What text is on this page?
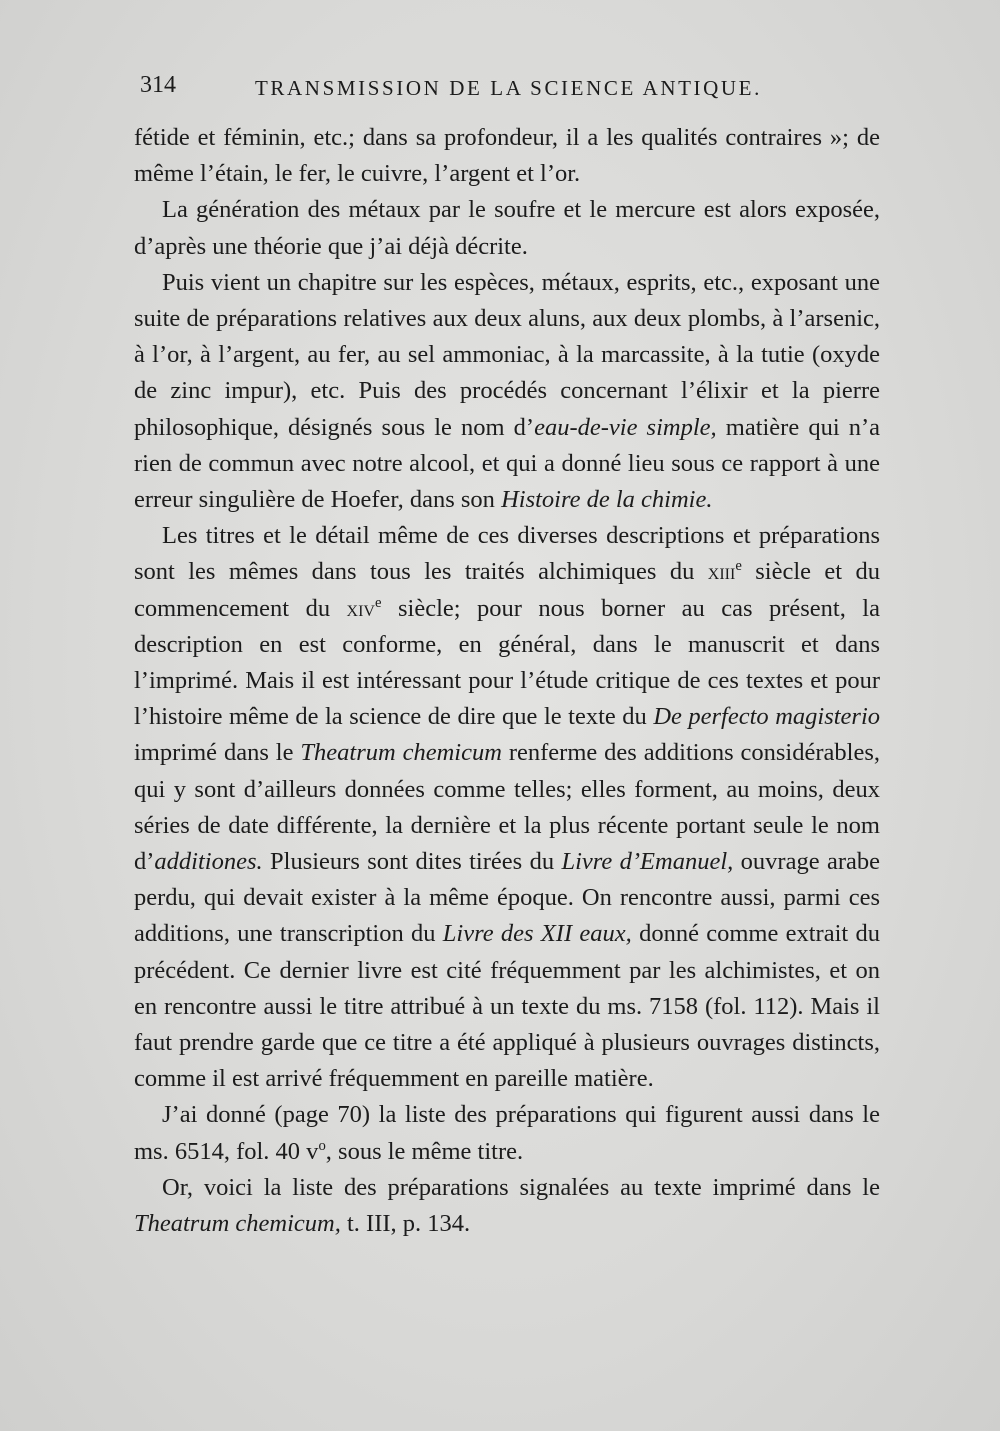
314	TRANSMISSION DE LA SCIENCE ANTIQUE.

fétide et féminin, etc.; dans sa profondeur, il a les qualités contraires »; de même l’étain, le fer, le cuivre, l’argent et l’or.

La génération des métaux par le soufre et le mercure est alors exposée, d’après une théorie que j’ai déjà décrite.

Puis vient un chapitre sur les espèces, métaux, esprits, etc., exposant une suite de préparations relatives aux deux aluns, aux deux plombs, à l’arsenic, à l’or, à l’argent, au fer, au sel ammoniac, à la marcassite, à la tutie (oxyde de zinc impur), etc. Puis des procédés concernant l’élixir et la pierre philosophique, désignés sous le nom d’eau-de-vie simple, matière qui n’a rien de commun avec notre alcool, et qui a donné lieu sous ce rapport à une erreur singulière de Hoefer, dans son Histoire de la chimie.

Les titres et le détail même de ces diverses descriptions et préparations sont les mêmes dans tous les traités alchimiques du xiii$^e$ siècle et du commencement du xiv$^e$ siècle; pour nous borner au cas présent, la description en est conforme, en général, dans le manuscrit et dans l’imprimé. Mais il est intéressant pour l’étude critique de ces textes et pour l’histoire même de la science de dire que le texte du De perfecto magisterio imprimé dans le Theatrum chemicum renferme des additions considérables, qui y sont d’ailleurs données comme telles; elles forment, au moins, deux séries de date différente, la dernière et la plus récente portant seule le nom d’additiones. Plusieurs sont dites tirées du Livre d’Emanuel, ouvrage arabe perdu, qui devait exister à la même époque. On rencontre aussi, parmi ces additions, une transcription du Livre des XII eaux, donné comme extrait du précédent. Ce dernier livre est cité fréquemment par les alchimistes, et on en rencontre aussi le titre attribué à un texte du ms. 7158 (fol. 112). Mais il faut prendre garde que ce titre a été appliqué à plusieurs ouvrages distincts, comme il est arrivé fréquemment en pareille matière.

J’ai donné (page 70) la liste des préparations qui figurent aussi dans le ms. 6514, fol. 40 $v^o$, sous le même titre.

Or, voici la liste des préparations signalées au texte imprimé dans le Theatrum chemicum, t. III, p. 134.
